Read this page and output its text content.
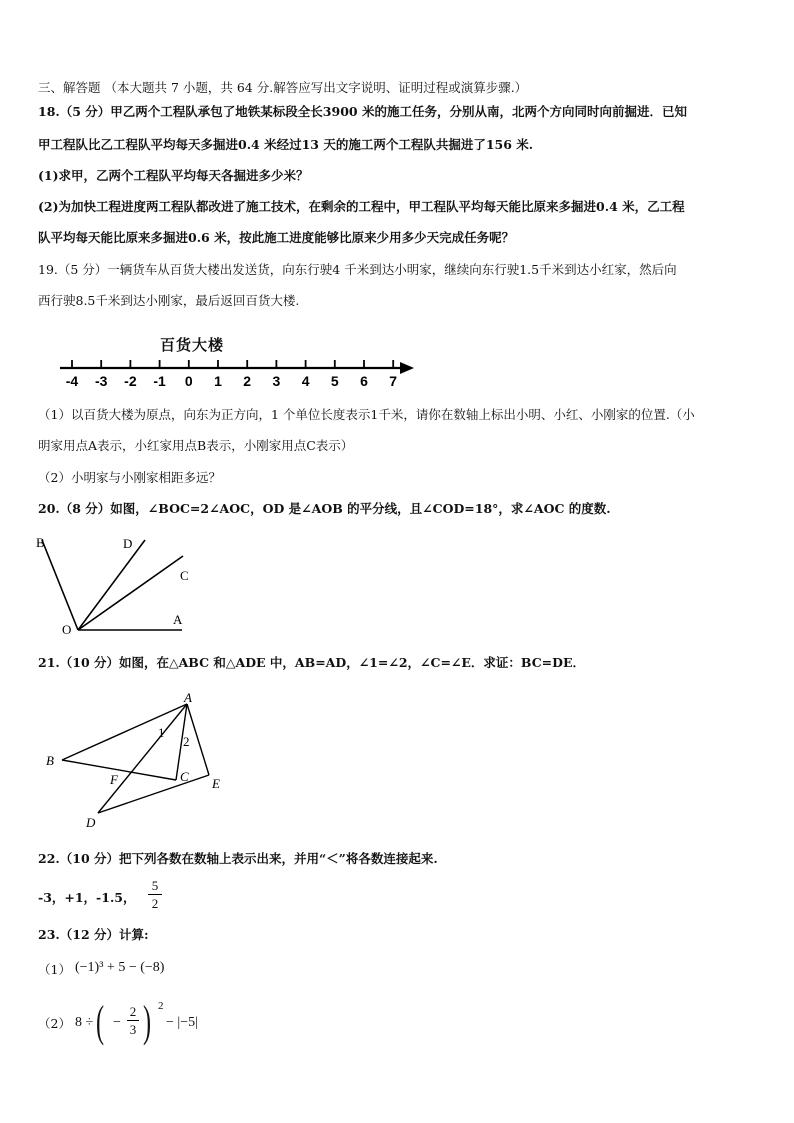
三、解答题 （本大题共 7 小题，共 64 分.解答应写出文字说明、证明过程或演算步骤.）
18.（5 分）甲乙两个工程队承包了地铁某标段全长3900 米的施工任务，分别从南，北两个方向同时向前掘进．已知
甲工程队比乙工程队平均每天多掘进0.4 米经过13 天的施工两个工程队共掘进了156 米.
(1)求甲，乙两个工程队平均每天各掘进多少米？
(2)为加快工程进度两工程队都改进了施工技术，在剩余的工程中，甲工程队平均每天能比原来多掘进0.4 米，乙工程
队平均每天能比原来多掘进0.6 米，按此施工进度能够比原来少用多少天完成任务呢？
19.（5 分）一辆货车从百货大楼出发送货，向东行驶4 千米到达小明家，继续向东行驶1.5千米到达小红家，然后向
西行驶8.5千米到达小刚家，最后返回百货大楼.
百货大楼
-4 -3 -2 -1 0 1 2 3 4 5 6 7
（1）以百货大楼为原点，向东为正方向，1 个单位长度表示1千米，请你在数轴上标出小明、小红、小刚家的位置.（小
明家用点A表示，小红家用点B表示，小刚家用点C表示）
（2）小明家与小刚家相距多远？
20.（8 分）如图，∠BOC=2∠AOC，OD 是∠AOB 的平分线，且∠COD=18°，求∠AOC 的度数.
B	D
C
O
A
21.（10 分）如图，在△ABC 和△ADE 中，AB=AD，∠1=∠2，∠C=∠E．求证：BC=DE．
A
B
C
D
E
F
1
2
22.（10 分）把下列各数在数轴上表示出来，并用“＜”将各数连接起来.
-3，+1，-1.5，
5
2
23.（12 分）计算:
（1） (−1)³ + 5 − (−8)
（2） 8 ÷ ( −
2
3 ) 2
− |−5|
